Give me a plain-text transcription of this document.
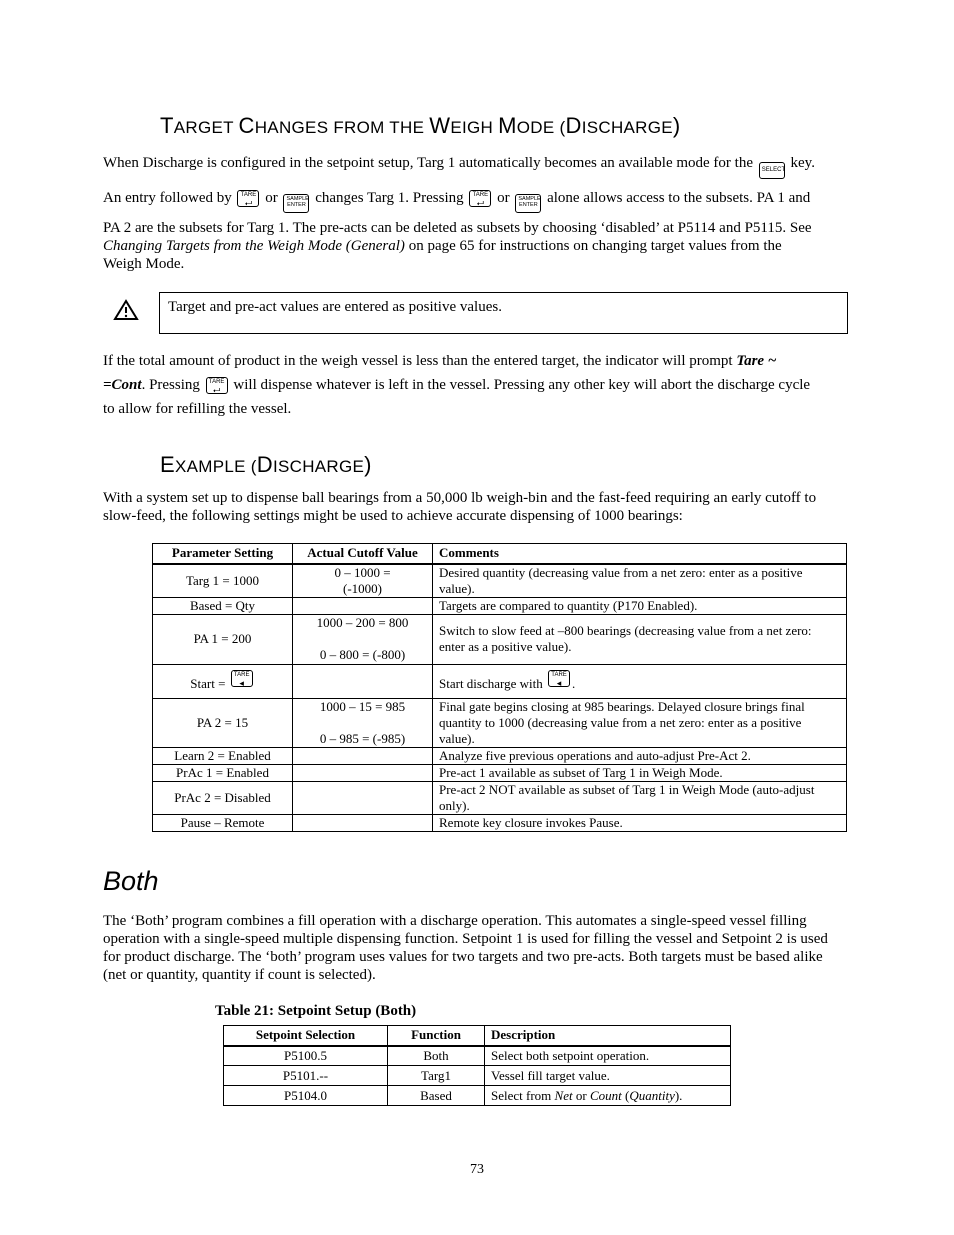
TARGET CHANGES FROM THE WEIGH MODE (DISCHARGE)
When Discharge is configured in the setpoint setup, Targ 1 automatically becomes an available mode for the SELECT key.
An entry followed by TARE
⮠ or SAMPLE
ENTER changes Targ 1. Pressing TARE
⮠ or SAMPLE
ENTER alone allows access to the subsets. PA 1 and
PA 2 are the subsets for Targ 1. The pre-acts can be deleted as subsets by choosing ‘disabled’ at P5114 and P5115. See
Changing Targets from the Weigh Mode (General) on page 65 for instructions on changing target values from the
Weigh Mode.
Target and pre-act values are entered as positive values.
If the total amount of product in the weigh vessel is less than the entered target, the indicator will prompt Tare ~
=Cont. Pressing TARE
⮠ will dispense whatever is left in the vessel. Pressing any other key will abort the discharge cycle
to allow for refilling the vessel.
EXAMPLE (DISCHARGE)
With a system set up to dispense ball bearings from a 50,000 lb weigh-bin and the fast-feed requiring an early cutoff to slow-feed, the following settings might be used to achieve accurate dispensing of 1000 bearings:
Parameter Setting	Actual Cutoff Value	Comments
Targ 1 = 1000	0 – 1000 =
(-1000)	Desired quantity (decreasing value from a net zero: enter as a positive value).
Based = Qty		Targets are compared to quantity (P170 Enabled).
PA 1 = 200	1000 – 200 = 800

0 – 800 = (-800)	Switch to slow feed at –800 bearings (decreasing value from a net zero: enter as a positive value).
Start = TARE
◂		Start discharge with TARE
◂ .
PA 2 = 15	1000 – 15 = 985

0 – 985 = (-985)	Final gate begins closing at 985 bearings. Delayed closure brings final quantity to 1000 (decreasing value from a net zero: enter as a positive value).
Learn 2 = Enabled		Analyze five previous operations and auto-adjust Pre-Act 2.
PrAc 1 = Enabled		Pre-act 1 available as subset of Targ 1 in Weigh Mode.
PrAc 2 = Disabled		Pre-act 2 NOT available as subset of Targ 1 in Weigh Mode (auto-adjust only).
Pause – Remote		Remote key closure invokes Pause.
Both
The ‘Both’ program combines a fill operation with a discharge operation. This automates a single-speed vessel filling operation with a single-speed multiple dispensing function. Setpoint 1 is used for filling the vessel and Setpoint 2 is used for product discharge. The ‘both’ program uses values for two targets and two pre-acts. Both targets must be based alike (net or quantity, quantity if count is selected).
Table 21: Setpoint Setup (Both)
Setpoint Selection	Function	Description
P5100.5	Both	Select both setpoint operation.
P5101.--	Targ1	Vessel fill target value.
P5104.0	Based	Select from Net or Count (Quantity).
73
